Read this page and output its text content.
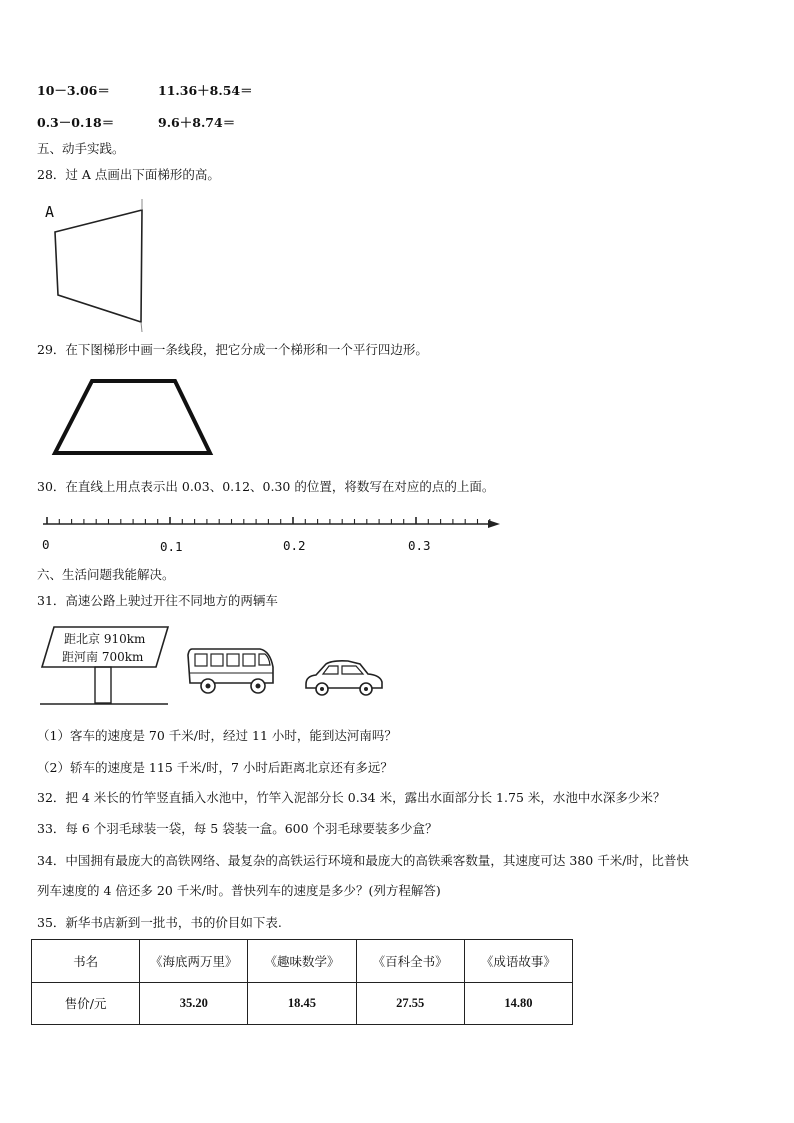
10－3.06＝	11.36＋8.54＝
0.3－0.18＝	9.6＋8.74＝
五、动手实践。
28．过 A 点画出下面梯形的高。
A
29．在下图梯形中画一条线段，把它分成一个梯形和一个平行四边形。
30．在直线上用点表示出 0.03、0.12、0.30 的位置，将数写在对应的点的上面。
0	0.1	0.2	0.3
六、生活问题我能解决。
31．高速公路上驶过开往不同地方的两辆车
距北京 910km
距河南 700km
（1）客车的速度是 70 千米/时，经过 11 小时，能到达河南吗？
（2）轿车的速度是 115 千米/时，7 小时后距离北京还有多远？
32．把 4 米长的竹竿竖直插入水池中，竹竿入泥部分长 0.34 米，露出水面部分长 1.75 米，水池中水深多少米？
33．每 6 个羽毛球装一袋，每 5 袋装一盒。600 个羽毛球要装多少盒？
34．中国拥有最庞大的高铁网络、最复杂的高铁运行环境和最庞大的高铁乘客数量，其速度可达 380 千米/时，比普快
列车速度的 4 倍还多 20 千米/时。普快列车的速度是多少？(列方程解答)
35．新华书店新到一批书，书的价目如下表.
书名	《海底两万里》	《趣味数学》	《百科全书》	《成语故事》
售价/元	35.20	18.45	27.55	14.80
